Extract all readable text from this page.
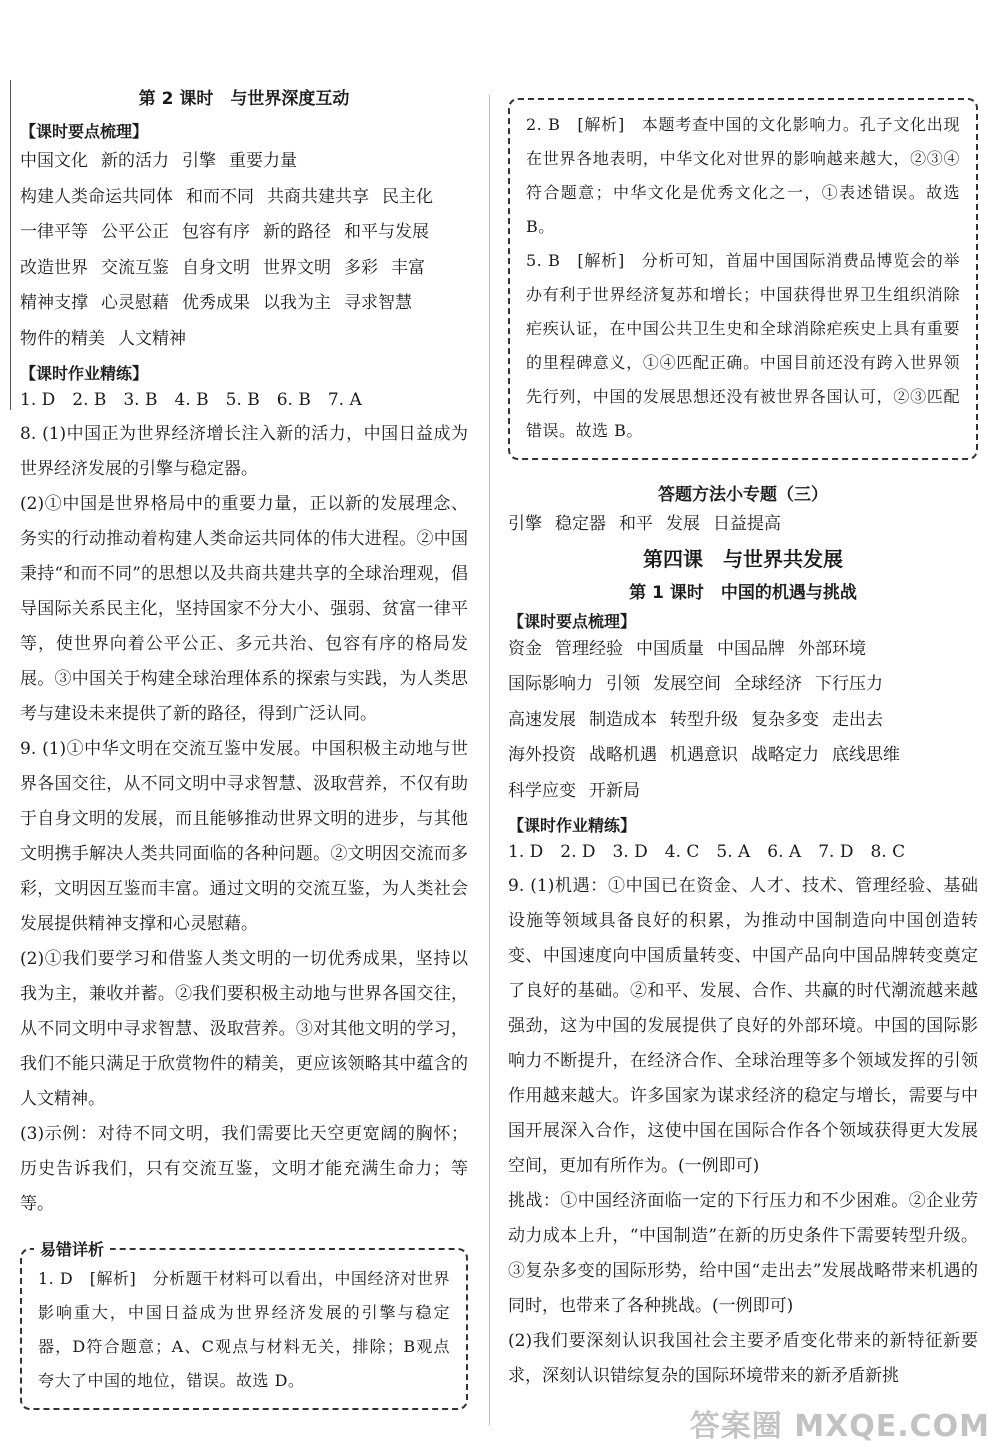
第 2 课时　与世界深度互动
【课时要点梳理】
中国文化 新的活力 引擎 重要力量
构建人类命运共同体 和而不同 共商共建共享 民主化
一律平等 公平公正 包容有序 新的路径 和平与发展
改造世界 交流互鉴 自身文明 世界文明 多彩 丰富
精神支撑 心灵慰藉 优秀成果 以我为主 寻求智慧
物件的精美 人文精神
【课时作业精练】
1. D　2. B　3. B　4. B　5. B　6. B　7. A
8. (1)中国正为世界经济增长注入新的活力，中国日益成为世界经济发展的引擎与稳定器。
(2)①中国是世界格局中的重要力量，正以新的发展理念、务实的行动推动着构建人类命运共同体的伟大进程。②中国秉持“和而不同”的思想以及共商共建共享的全球治理观，倡导国际关系民主化，坚持国家不分大小、强弱、贫富一律平等，使世界向着公平公正、多元共治、包容有序的格局发展。③中国关于构建全球治理体系的探索与实践，为人类思考与建设未来提供了新的路径，得到广泛认同。
9. (1)①中华文明在交流互鉴中发展。中国积极主动地与世界各国交往，从不同文明中寻求智慧、汲取营养，不仅有助于自身文明的发展，而且能够推动世界文明的进步，与其他文明携手解决人类共同面临的各种问题。②文明因交流而多彩，文明因互鉴而丰富。通过文明的交流互鉴，为人类社会发展提供精神支撑和心灵慰藉。
(2)①我们要学习和借鉴人类文明的一切优秀成果，坚持以我为主，兼收并蓄。②我们要积极主动地与世界各国交往，从不同文明中寻求智慧、汲取营养。③对其他文明的学习，我们不能只满足于欣赏物件的精美，更应该领略其中蕴含的人文精神。
(3)示例：对待不同文明，我们需要比天空更宽阔的胸怀；历史告诉我们，只有交流互鉴，文明才能充满生命力；等等。
易错详析
1. D　[解析]　分析题干材料可以看出，中国经济对世界影响重大，中国日益成为世界经济发展的引擎与稳定器，D符合题意；A、C观点与材料无关，排除；B观点夸大了中国的地位，错误。故选 D。
2. B　[解析]　本题考查中国的文化影响力。孔子文化出现在世界各地表明，中华文化对世界的影响越来越大，②③④符合题意；中华文化是优秀文化之一，①表述错误。故选 B。
5. B　[解析]　分析可知，首届中国国际消费品博览会的举办有利于世界经济复苏和增长；中国获得世界卫生组织消除疟疾认证，在中国公共卫生史和全球消除疟疾史上具有重要的里程碑意义，①④匹配正确。中国目前还没有跨入世界领先行列，中国的发展思想还没有被世界各国认可，②③匹配错误。故选 B。
答题方法小专题（三）
引擎 稳定器 和平 发展 日益提高
第四课　与世界共发展
第 1 课时　中国的机遇与挑战
【课时要点梳理】
资金 管理经验 中国质量 中国品牌 外部环境
国际影响力 引领 发展空间 全球经济 下行压力
高速发展 制造成本 转型升级 复杂多变 走出去
海外投资 战略机遇 机遇意识 战略定力 底线思维
科学应变 开新局
【课时作业精练】
1. D　2. D　3. D　4. C　5. A　6. A　7. D　8. C
9. (1)机遇：①中国已在资金、人才、技术、管理经验、基础设施等领域具备良好的积累，为推动中国制造向中国创造转变、中国速度向中国质量转变、中国产品向中国品牌转变奠定了良好的基础。②和平、发展、合作、共赢的时代潮流越来越强劲，这为中国的发展提供了良好的外部环境。中国的国际影响力不断提升，在经济合作、全球治理等多个领域发挥的引领作用越来越大。许多国家为谋求经济的稳定与增长，需要与中国开展深入合作，这使中国在国际合作各个领域获得更大发展空间，更加有所作为。(一例即可)
挑战：①中国经济面临一定的下行压力和不少困难。②企业劳动力成本上升，“中国制造”在新的历史条件下需要转型升级。③复杂多变的国际形势，给中国“走出去”发展战略带来机遇的同时，也带来了各种挑战。(一例即可)
(2)我们要深刻认识我国社会主要矛盾变化带来的新特征新要求，深刻认识错综复杂的国际环境带来的新矛盾新挑
答案圈 MXQE.COM
